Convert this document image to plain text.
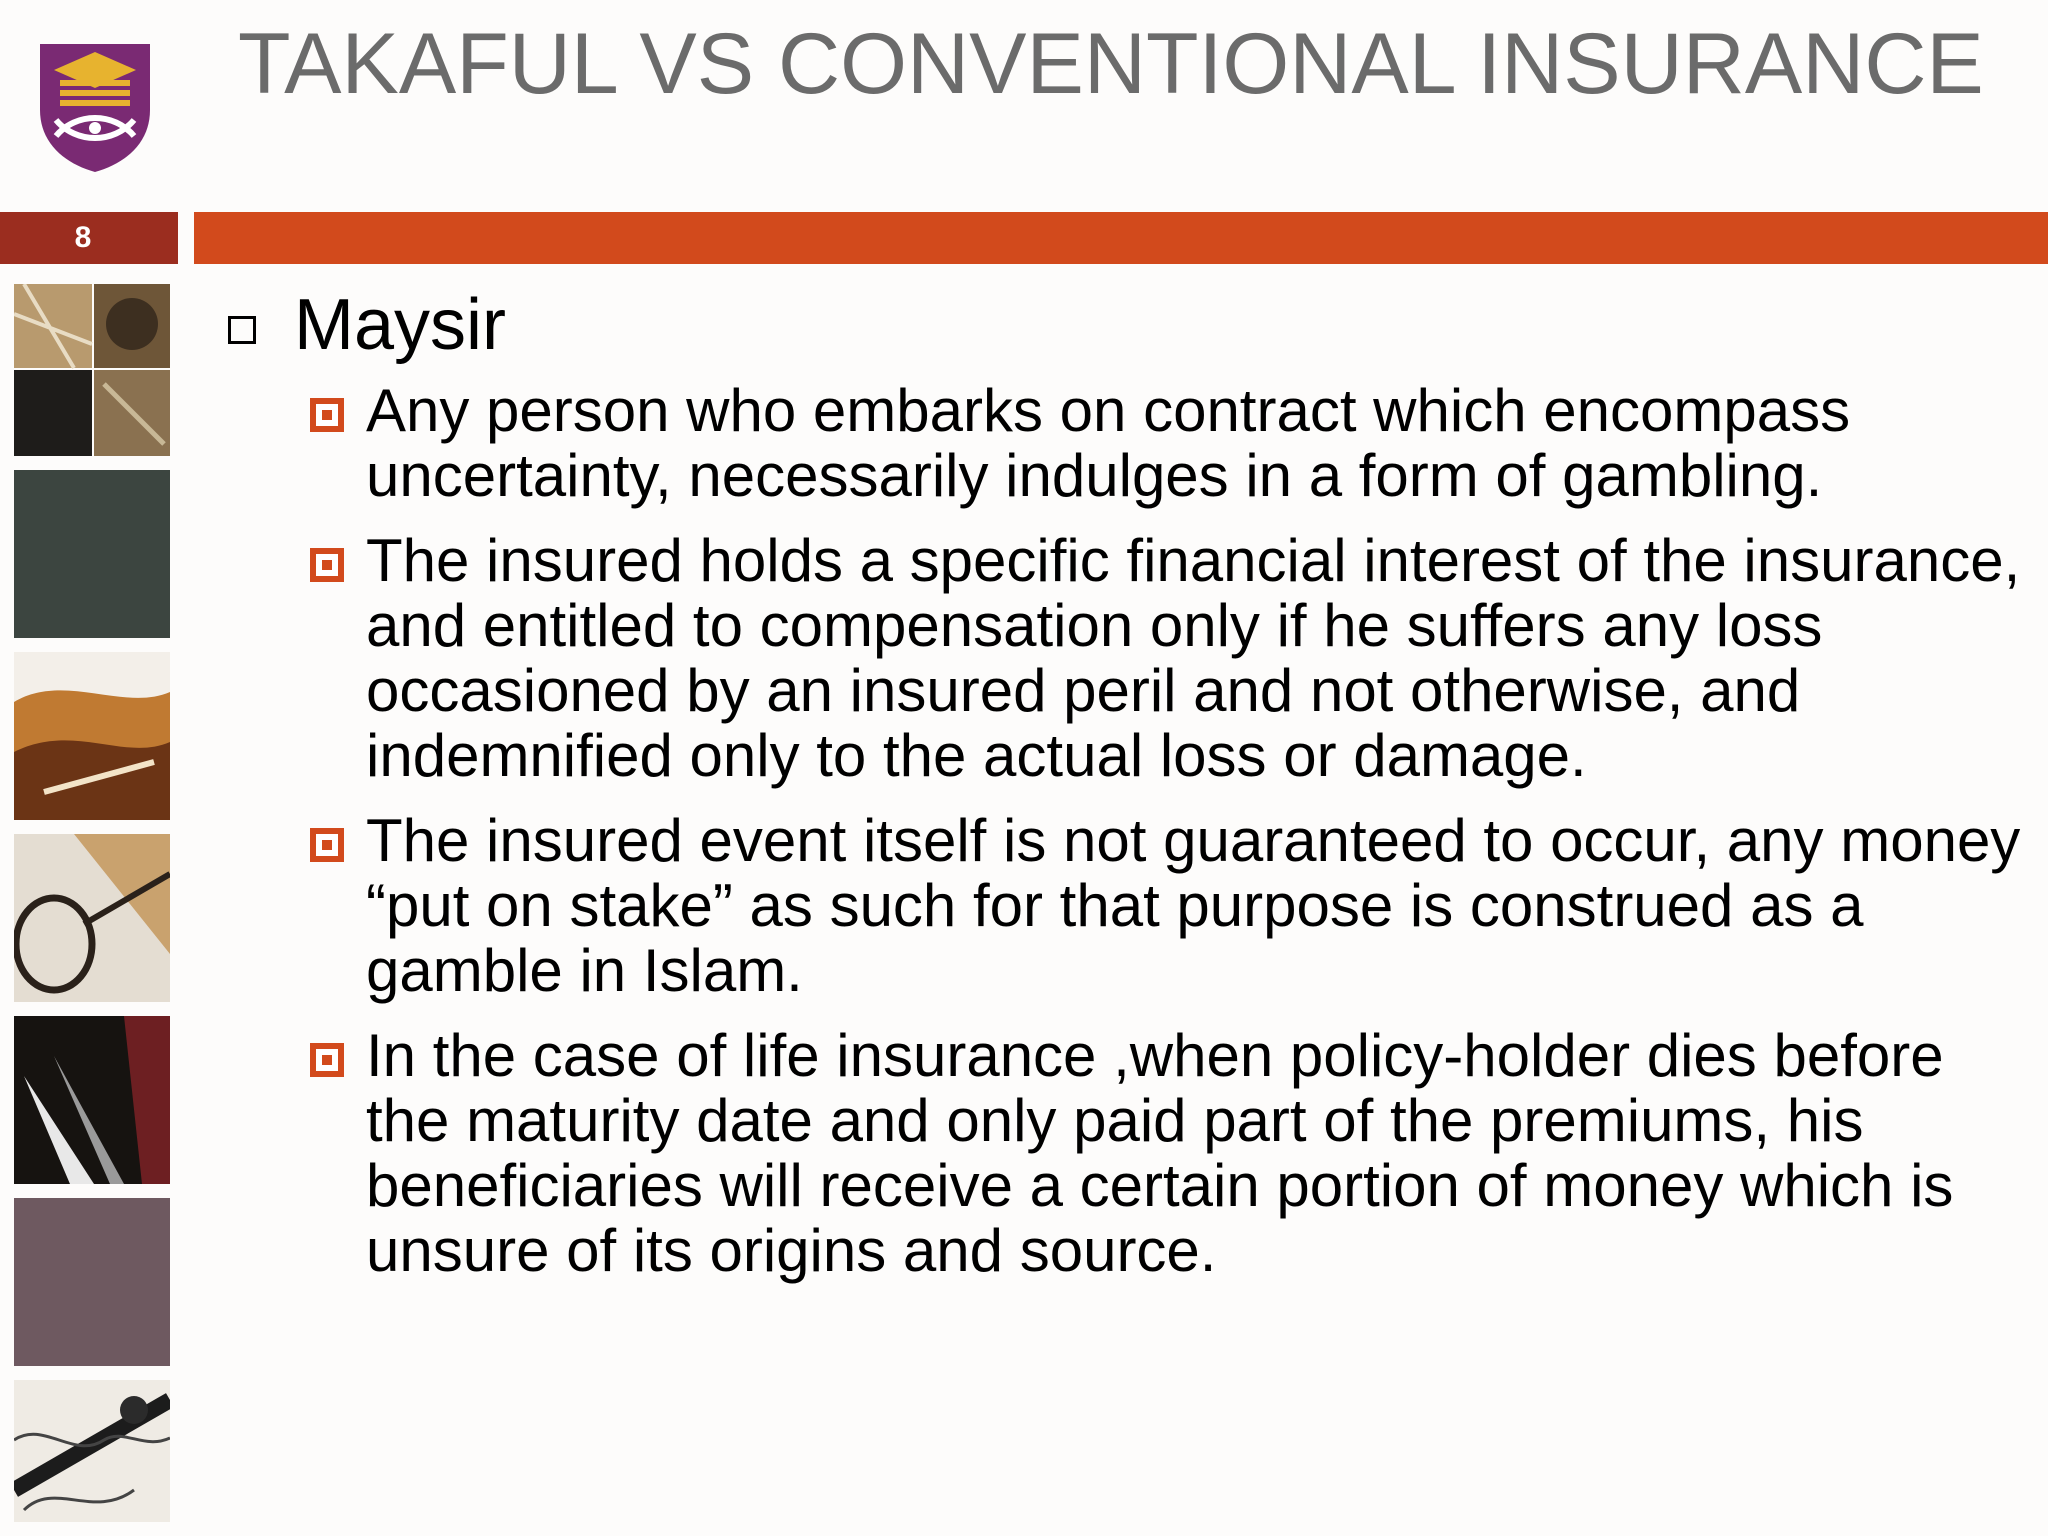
TAKAFUL VS CONVENTIONAL INSURANCE
8
Maysir
Any person who embarks on contract which encompass uncertainty, necessarily indulges in a form of gambling.
The insured holds a specific financial interest of the insurance, and entitled to compensation only if he suffers any loss occasioned by an insured peril and not otherwise, and indemnified only to the actual loss or damage.
The insured event itself is not guaranteed to occur, any money “put on stake” as such for that purpose is construed as a gamble in Islam.
In the case of life insurance ,when policy-holder dies before the maturity date and only paid part of the premiums, his beneficiaries will receive a certain portion of money which is unsure of its origins and source.
